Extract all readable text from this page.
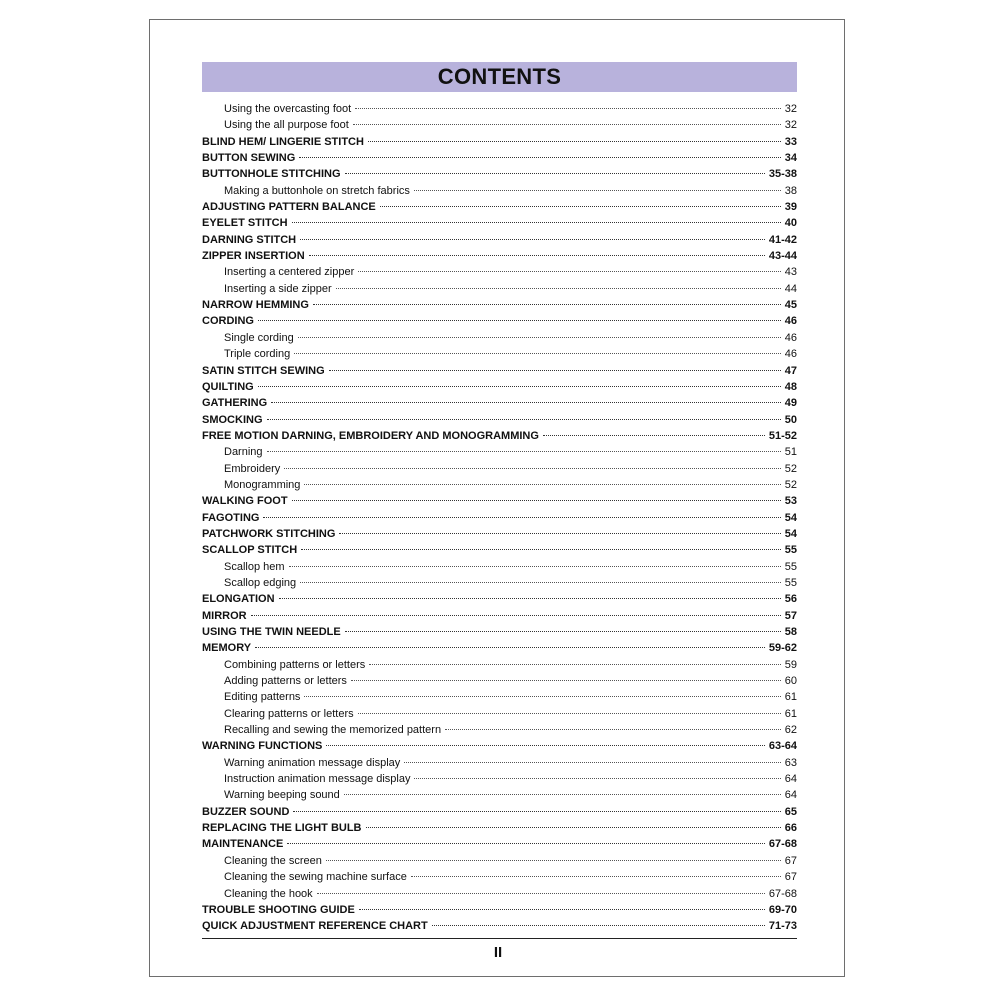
CONTENTS
Using the overcasting foot	32
Using the all purpose foot	32
BLIND HEM/ LINGERIE STITCH	33
BUTTON SEWING	34
BUTTONHOLE STITCHING	35-38
Making a buttonhole on stretch fabrics	38
ADJUSTING PATTERN BALANCE	39
EYELET STITCH	40
DARNING STITCH	41-42
ZIPPER INSERTION	43-44
Inserting a centered zipper	43
Inserting a side zipper	44
NARROW HEMMING	45
CORDING	46
Single cording	46
Triple cording	46
SATIN STITCH SEWING	47
QUILTING	48
GATHERING	49
SMOCKING	50
FREE MOTION DARNING, EMBROIDERY AND MONOGRAMMING	51-52
Darning	51
Embroidery	52
Monogramming	52
WALKING FOOT	53
FAGOTING	54
PATCHWORK STITCHING	54
SCALLOP STITCH	55
Scallop hem	55
Scallop edging	55
ELONGATION	56
MIRROR	57
USING THE TWIN NEEDLE	58
MEMORY	59-62
Combining patterns or letters	59
Adding patterns or letters	60
Editing patterns	61
Clearing patterns or letters	61
Recalling and sewing the memorized pattern	62
WARNING FUNCTIONS	63-64
Warning animation message display	63
Instruction animation message display	64
Warning beeping sound	64
BUZZER SOUND	65
REPLACING THE LIGHT BULB	66
MAINTENANCE	67-68
Cleaning the screen	67
Cleaning the sewing machine surface	67
Cleaning the hook	67-68
TROUBLE SHOOTING GUIDE	69-70
QUICK ADJUSTMENT REFERENCE CHART	71-73
II
